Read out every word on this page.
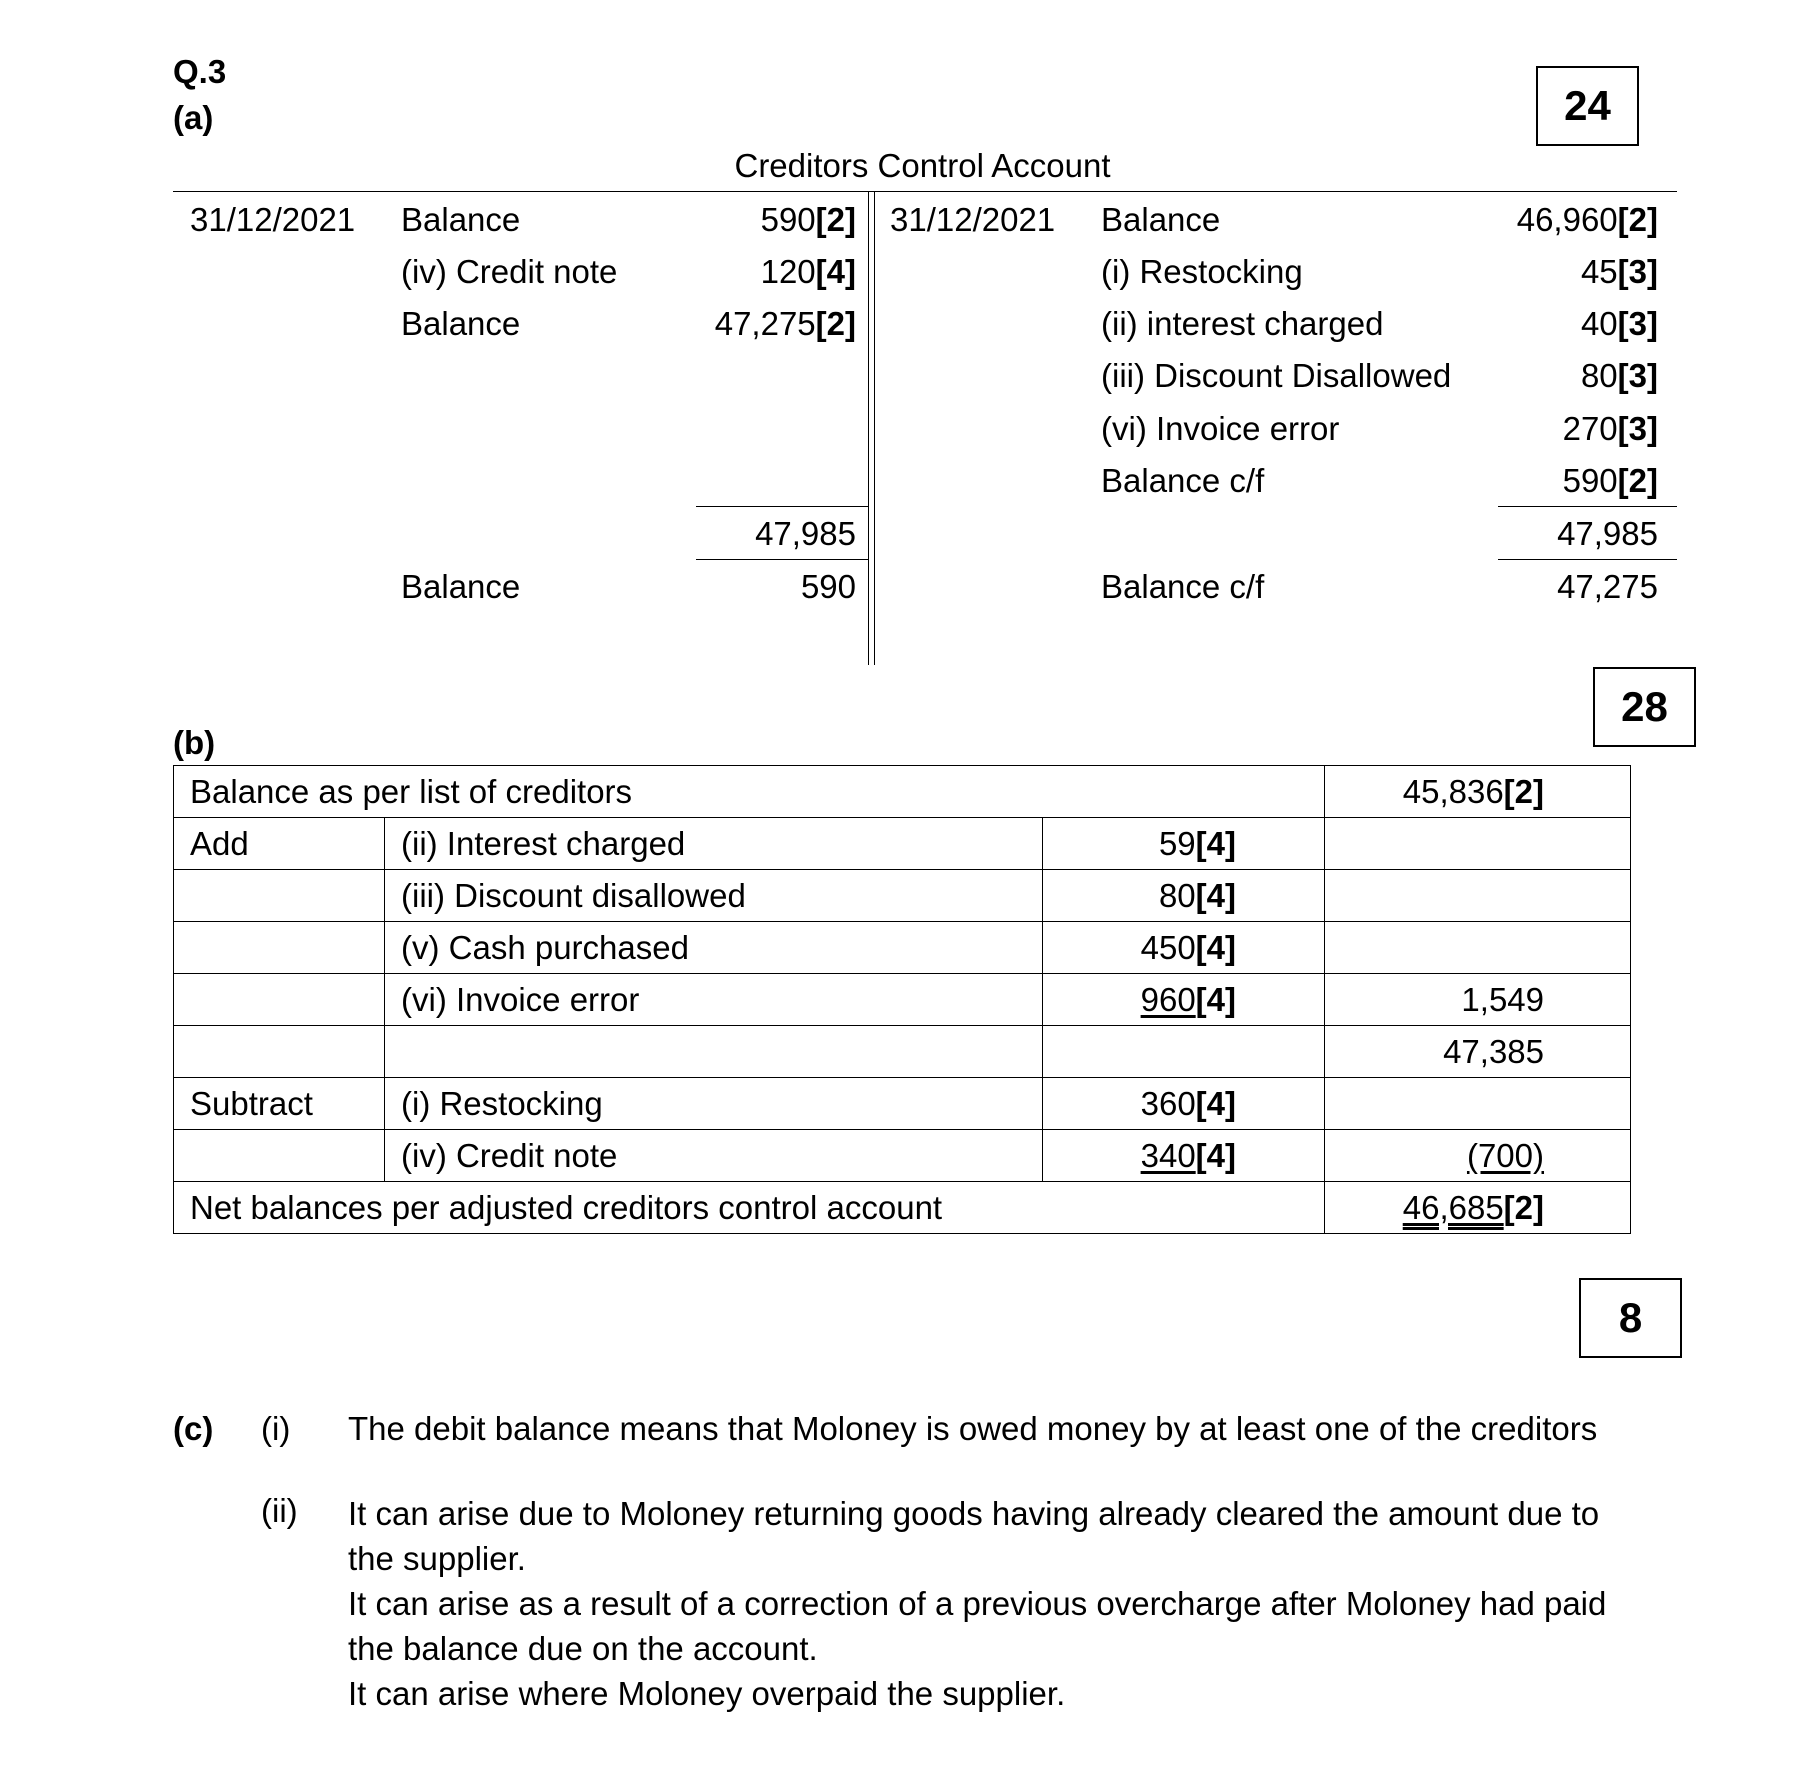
Q.3
(a)	24
Creditors Control Account
31/12/2021 Balance	590[2]
(iv) Credit note	120[4]
Balance	47,275[2]
47,985
Balance	590
31/12/2021 Balance	46,960[2]
(i) Restocking	45[3]
(ii) interest charged	40[3]
(iii) Discount Disallowed	80[3]
(vi) Invoice error	270[3]
Balance c/f	590[2]
47,985
Balance c/f	47,275
28
(b)
Balance as per list of creditors			45,836[2]
Add	(ii) Interest charged	59[4]	
	(iii) Discount disallowed	80[4]	
	(v) Cash purchased	450[4]	
	(vi) Invoice error	960[4]	1,549
			47,385
Subtract	(i) Restocking	360[4]	
	(iv) Credit note	340[4]	(700)
Net balances per adjusted creditors control account			46,685[2]
8
(c) (i) The debit balance means that Moloney is owed money by at least one of the creditors
(ii) It can arise due to Moloney returning goods having already cleared the amount due to
the supplier.
It can arise as a result of a correction of a previous overcharge after Moloney had paid
the balance due on the account.
It can arise where Moloney overpaid the supplier.
